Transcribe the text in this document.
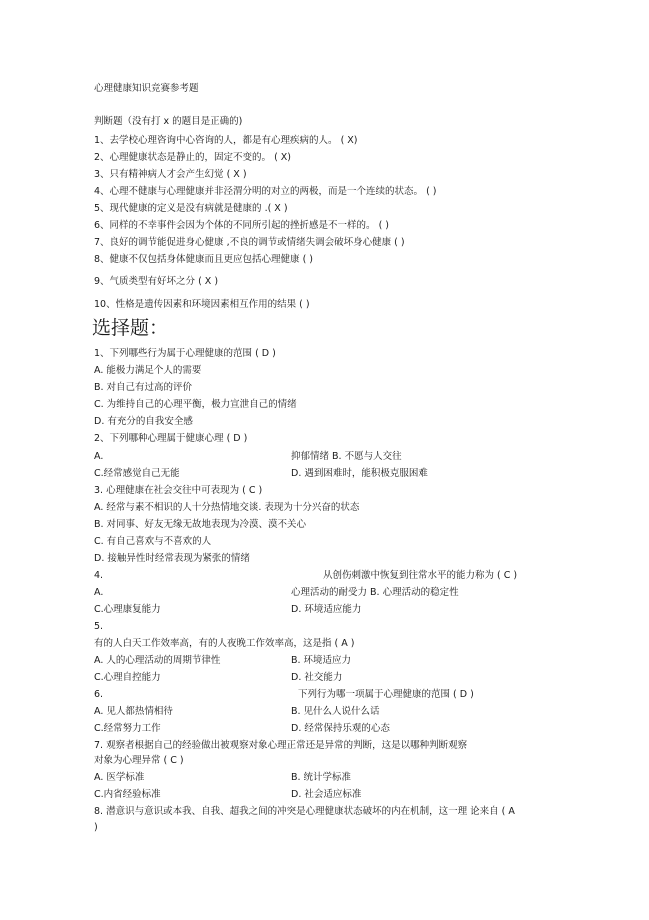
心理健康知识竞赛参考题
判断题（没有打 x 的题目是正确的)
1、去学校心理咨询中心咨询的人，都是有心理疾病的人。 ( X)
2、心理健康状态是静止的，固定不变的。 ( X)
3、只有精神病人才会产生幻觉 ( X )
4、心理不健康与心理健康并非泾渭分明的对立的两极，而是一个连续的状态。 ( )
5、现代健康的定义是没有病就是健康的 .( X )
6、同样的不幸事件会因为个体的不同所引起的挫折感是不一样的。 ( )
7、良好的调节能促进身心健康 ,不良的调节或情绪失调会破坏身心健康 ( )
8、健康不仅包括身体健康而且更应包括心理健康 ( )
9、气质类型有好坏之分 ( X )
10、性格是遗传因素和环境因素相互作用的结果 ( )
选择题：
1、下列哪些行为属于心理健康的范围 ( D )
A. 能极力满足个人的需要
B. 对自己有过高的评价
C. 为维持自己的心理平衡，极力宣泄自己的情绪
D. 有充分的自我安全感
2、下列哪种心理属于健康心理 ( D )
A.	抑郁情绪 B. 不愿与人交往
C.经常感觉自己无能	D. 遇到困难时，能积极克服困难
3. 心理健康在社会交往中可表现为 ( C )
A. 经常与素不相识的人十分热情地交谈. 表现为十分兴奋的状态
B. 对同事、好友无缘无故地表现为冷漠、漠不关心
C. 有自己喜欢与不喜欢的人
D. 接触异性时经常表现为紧张的情绪
4.	从创伤刺激中恢复到往常水平的能力称为 ( C )
A.	心理活动的耐受力 B. 心理活动的稳定性
C.心理康复能力	D. 环境适应能力
5.
有的人白天工作效率高，有的人夜晚工作效率高，这是指 ( A )
A. 人的心理活动的周期节律性	B. 环境适应力
C.心理自控能力	D. 社交能力
6.	下列行为哪一项属于心理健康的范围 ( D )
A. 见人都热情相待	B. 见什么人说什么话
C.经常努力工作	D. 经常保持乐观的心态
7. 观察者根据自己的经验做出被观察对象心理正常还是异常的判断，这是以哪种判断观察
对象为心理异常 ( C )
A. 医学标准	B. 统计学标准
C.内省经验标准	D. 社会适应标准
8. 潜意识与意识或本我、自我、超我之间的冲突是心理健康状态破坏的内在机制，这一理 论来自 ( A
)
